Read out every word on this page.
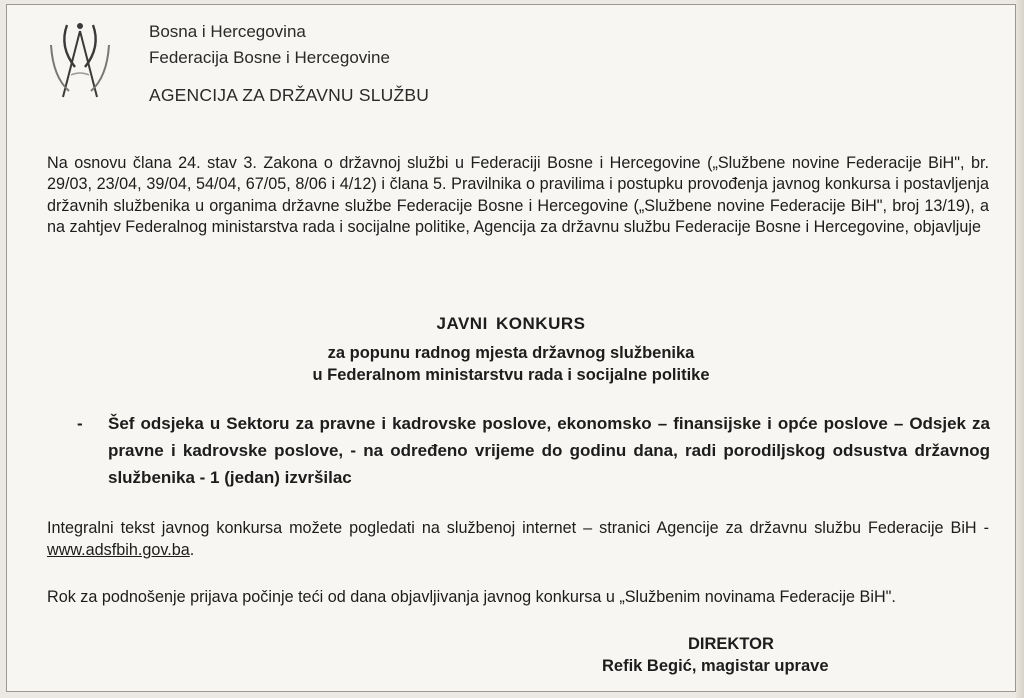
Bosna i Hercegovina
Federacija Bosne i Hercegovine
AGENCIJA ZA DRŽAVNU SLUŽBU
Na osnovu člana 24. stav 3. Zakona o državnoj službi u Federaciji Bosne i Hercegovine („Službene novine Federacije BiH", br. 29/03, 23/04, 39/04, 54/04, 67/05, 8/06 i 4/12) i člana 5. Pravilnika o pravilima i postupku provođenja javnog konkursa i postavljenja državnih službenika u organima državne službe Federacije Bosne i Hercegovine („Službene novine Federacije BiH", broj 13/19), a na zahtjev Federalnog ministarstva rada i socijalne politike, Agencija za državnu službu Federacije Bosne i Hercegovine, objavljuje
JAVNI KONKURS
za popunu radnog mjesta državnog službenika
u Federalnom ministarstvu rada i socijalne politike
- Šef odsjeka u Sektoru za pravne i kadrovske poslove, ekonomsko – finansijske i opće poslove – Odsjek za pravne i kadrovske poslove, - na određeno vrijeme do godinu dana, radi porodiljskog odsustva državnog službenika - 1 (jedan) izvršilac
Integralni tekst javnog konkursa možete pogledati na službenoj internet – stranici Agencije za državnu službu Federacije BiH - www.adsfbih.gov.ba.
Rok za podnošenje prijava počinje teći od dana objavljivanja javnog konkursa u „Službenim novinama Federacije BiH".
DIREKTOR
Refik Begić, magistar uprave
